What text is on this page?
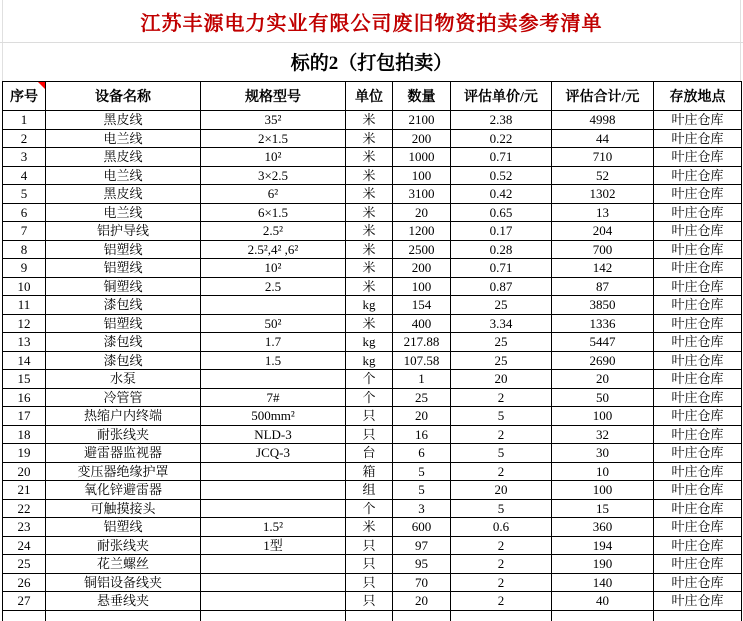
江苏丰源电力实业有限公司废旧物资拍卖参考清单
标的2（打包拍卖）
序号	设备名称	规格型号	单位	数量	评估单价/元	评估合计/元	存放地点
1	黑皮线	35²	米	2100	2.38	4998	叶庄仓库
2	电兰线	2×1.5	米	200	0.22	44	叶庄仓库
3	黑皮线	10²	米	1000	0.71	710	叶庄仓库
4	电兰线	3×2.5	米	100	0.52	52	叶庄仓库
5	黑皮线	6²	米	3100	0.42	1302	叶庄仓库
6	电兰线	6×1.5	米	20	0.65	13	叶庄仓库
7	铝护导线	2.5²	米	1200	0.17	204	叶庄仓库
8	铝塑线	2.5²,4² ,6²	米	2500	0.28	700	叶庄仓库
9	铝塑线	10²	米	200	0.71	142	叶庄仓库
10	铜塑线	2.5	米	100	0.87	87	叶庄仓库
11	漆包线		kg	154	25	3850	叶庄仓库
12	铝塑线	50²	米	400	3.34	1336	叶庄仓库
13	漆包线	1.7	kg	217.88	25	5447	叶庄仓库
14	漆包线	1.5	kg	107.58	25	2690	叶庄仓库
15	水泵		个	1	20	20	叶庄仓库
16	冷管管	7#	个	25	2	50	叶庄仓库
17	热缩户内终端	500mm²	只	20	5	100	叶庄仓库
18	耐张线夹	NLD-3	只	16	2	32	叶庄仓库
19	避雷器监视器	JCQ-3	台	6	5	30	叶庄仓库
20	变压器绝缘护罩		箱	5	2	10	叶庄仓库
21	氧化锌避雷器		组	5	20	100	叶庄仓库
22	可触摸接头		个	3	5	15	叶庄仓库
23	铝塑线	1.5²	米	600	0.6	360	叶庄仓库
24	耐张线夹	1型	只	97	2	194	叶庄仓库
25	花兰螺丝		只	95	2	190	叶庄仓库
26	铜铝设备线夹		只	70	2	140	叶庄仓库
27	悬垂线夹		只	20	2	40	叶庄仓库
